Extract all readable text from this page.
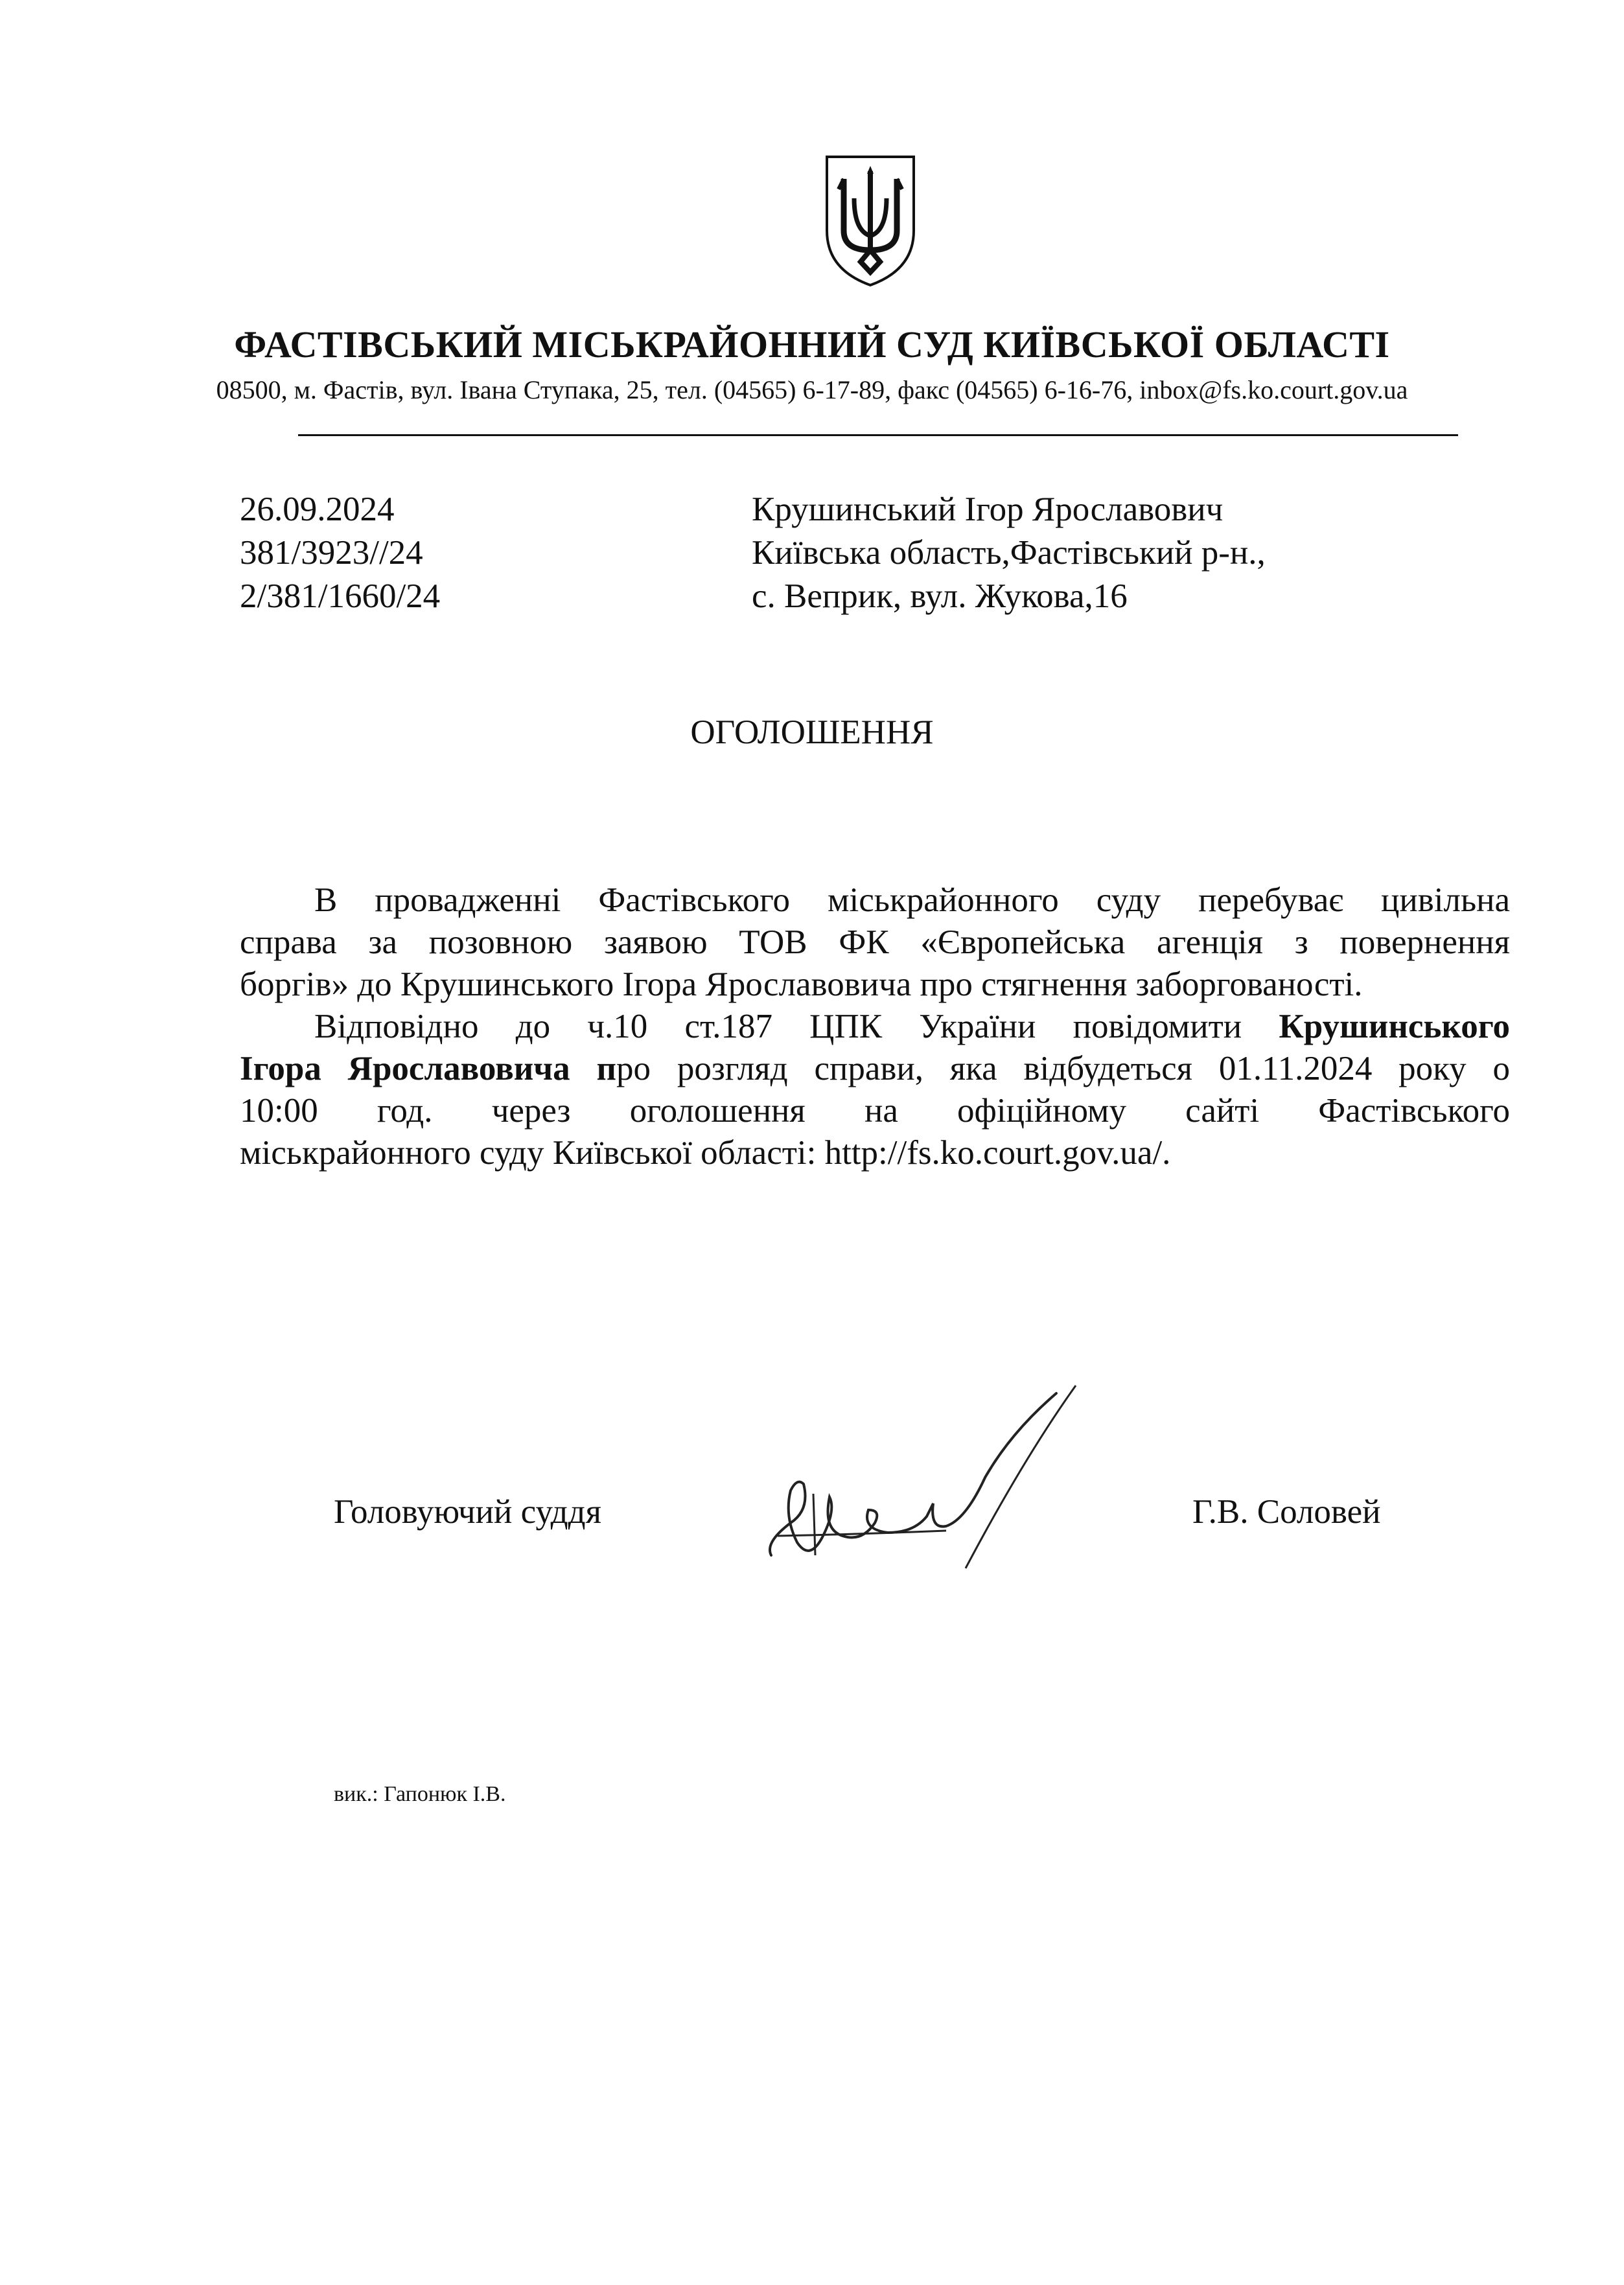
ФАСТІВСЬКИЙ МІСЬКРАЙОННИЙ СУД КИЇВСЬКОЇ ОБЛАСТІ
08500, м. Фастів, вул. Івана Ступака, 25, тел. (04565) 6-17-89, факс (04565) 6-16-76, inbox@fs.ko.court.gov.ua
26.09.2024
381/3923//24
2/381/1660/24
Крушинський Ігор Ярославович
Київська область,Фастівський р-н.,
с. Веприк, вул. Жукова,16
ОГОЛОШЕННЯ
В провадженні Фастівського міськрайонного суду перебуває цивільна
справа за позовною заявою ТОВ ФК «Європейська агенція з повернення
боргів» до Крушинського Ігора Ярославовича про стягнення заборгованості.
Відповідно до ч.10 ст.187 ЦПК України повідомити Крушинського
Ігора Ярославовича про розгляд справи, яка відбудеться 01.11.2024 року о
10:00 год. через оголошення на офіційному сайті Фастівського
міськрайонного суду Київської області: http://fs.ko.court.gov.ua/.
Головуючий суддя	Г.В. Соловей
вик.: Гапонюк І.В.
